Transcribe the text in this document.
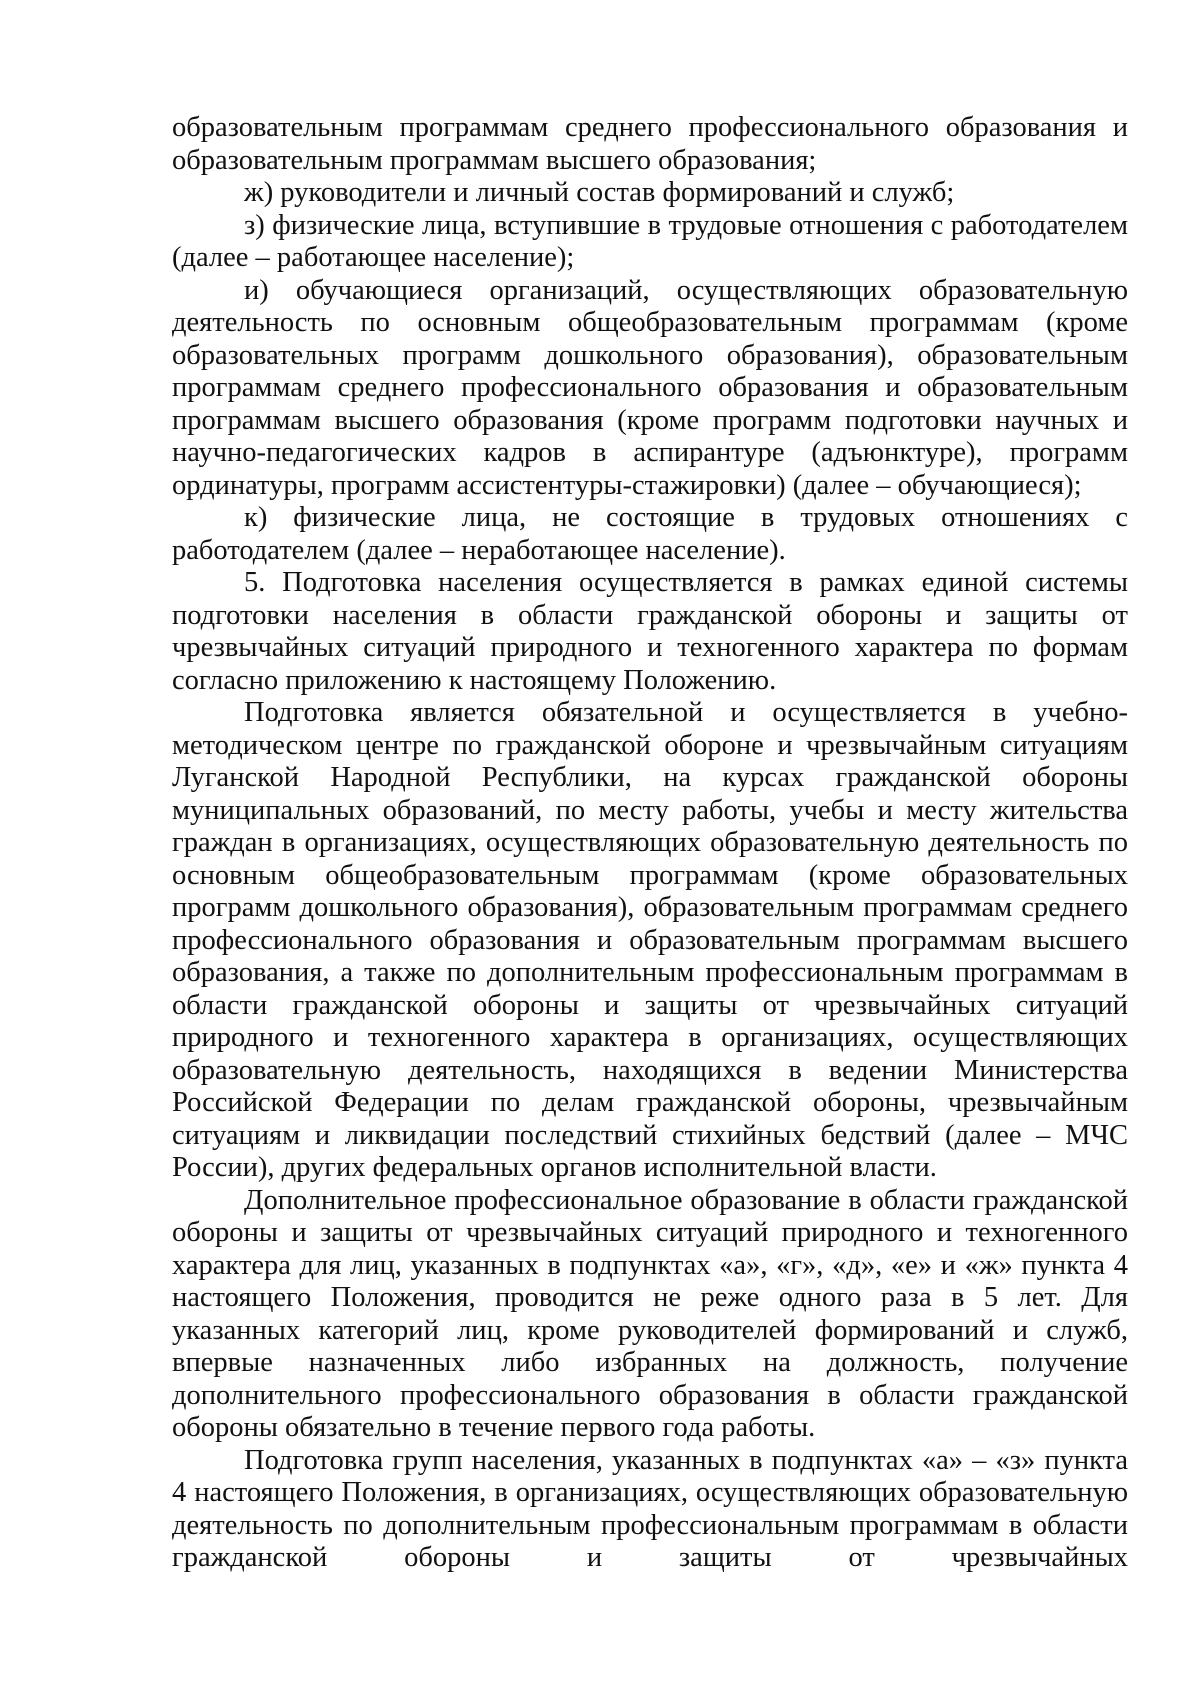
образовательным программам среднего профессионального образования и образовательным программам высшего образования;

ж) руководители и личный состав формирований и служб;

з) физические лица, вступившие в трудовые отношения с работодателем (далее – работающее население);

и) обучающиеся организаций, осуществляющих образовательную деятельность по основным общеобразовательным программам (кроме образовательных программ дошкольного образования), образовательным программам среднего профессионального образования и образовательным программам высшего образования (кроме программ подготовки научных и научно-педагогических кадров в аспирантуре (адъюнктуре), программ ординатуры, программ ассистентуры-стажировки) (далее – обучающиеся);

к) физические лица, не состоящие в трудовых отношениях с работодателем (далее – неработающее население).

5. Подготовка населения осуществляется в рамках единой системы подготовки населения в области гражданской обороны и защиты от чрезвычайных ситуаций природного и техногенного характера по формам согласно приложению к настоящему Положению.

Подготовка является обязательной и осуществляется в учебно-методическом центре по гражданской обороне и чрезвычайным ситуациям Луганской Народной Республики, на курсах гражданской обороны муниципальных образований, по месту работы, учебы и месту жительства граждан в организациях, осуществляющих образовательную деятельность по основным общеобразовательным программам (кроме образовательных программ дошкольного образования), образовательным программам среднего профессионального образования и образовательным программам высшего образования, а также по дополнительным профессиональным программам в области гражданской обороны и защиты от чрезвычайных ситуаций природного и техногенного характера в организациях, осуществляющих образовательную деятельность, находящихся в ведении Министерства Российской Федерации по делам гражданской обороны, чрезвычайным ситуациям и ликвидации последствий стихийных бедствий (далее – МЧС России), других федеральных органов исполнительной власти.

Дополнительное профессиональное образование в области гражданской обороны и защиты от чрезвычайных ситуаций природного и техногенного характера для лиц, указанных в подпунктах «а», «г», «д», «е» и «ж» пункта 4 настоящего Положения, проводится не реже одного раза в 5 лет. Для указанных категорий лиц, кроме руководителей формирований и служб, впервые назначенных либо избранных на должность, получение дополнительного профессионального образования в области гражданской обороны обязательно в течение первого года работы.

Подготовка групп населения, указанных в подпунктах «а» – «з» пункта 4 настоящего Положения, в организациях, осуществляющих образовательную деятельность по дополнительным профессиональным программам в области гражданской обороны и защиты от чрезвычайных
